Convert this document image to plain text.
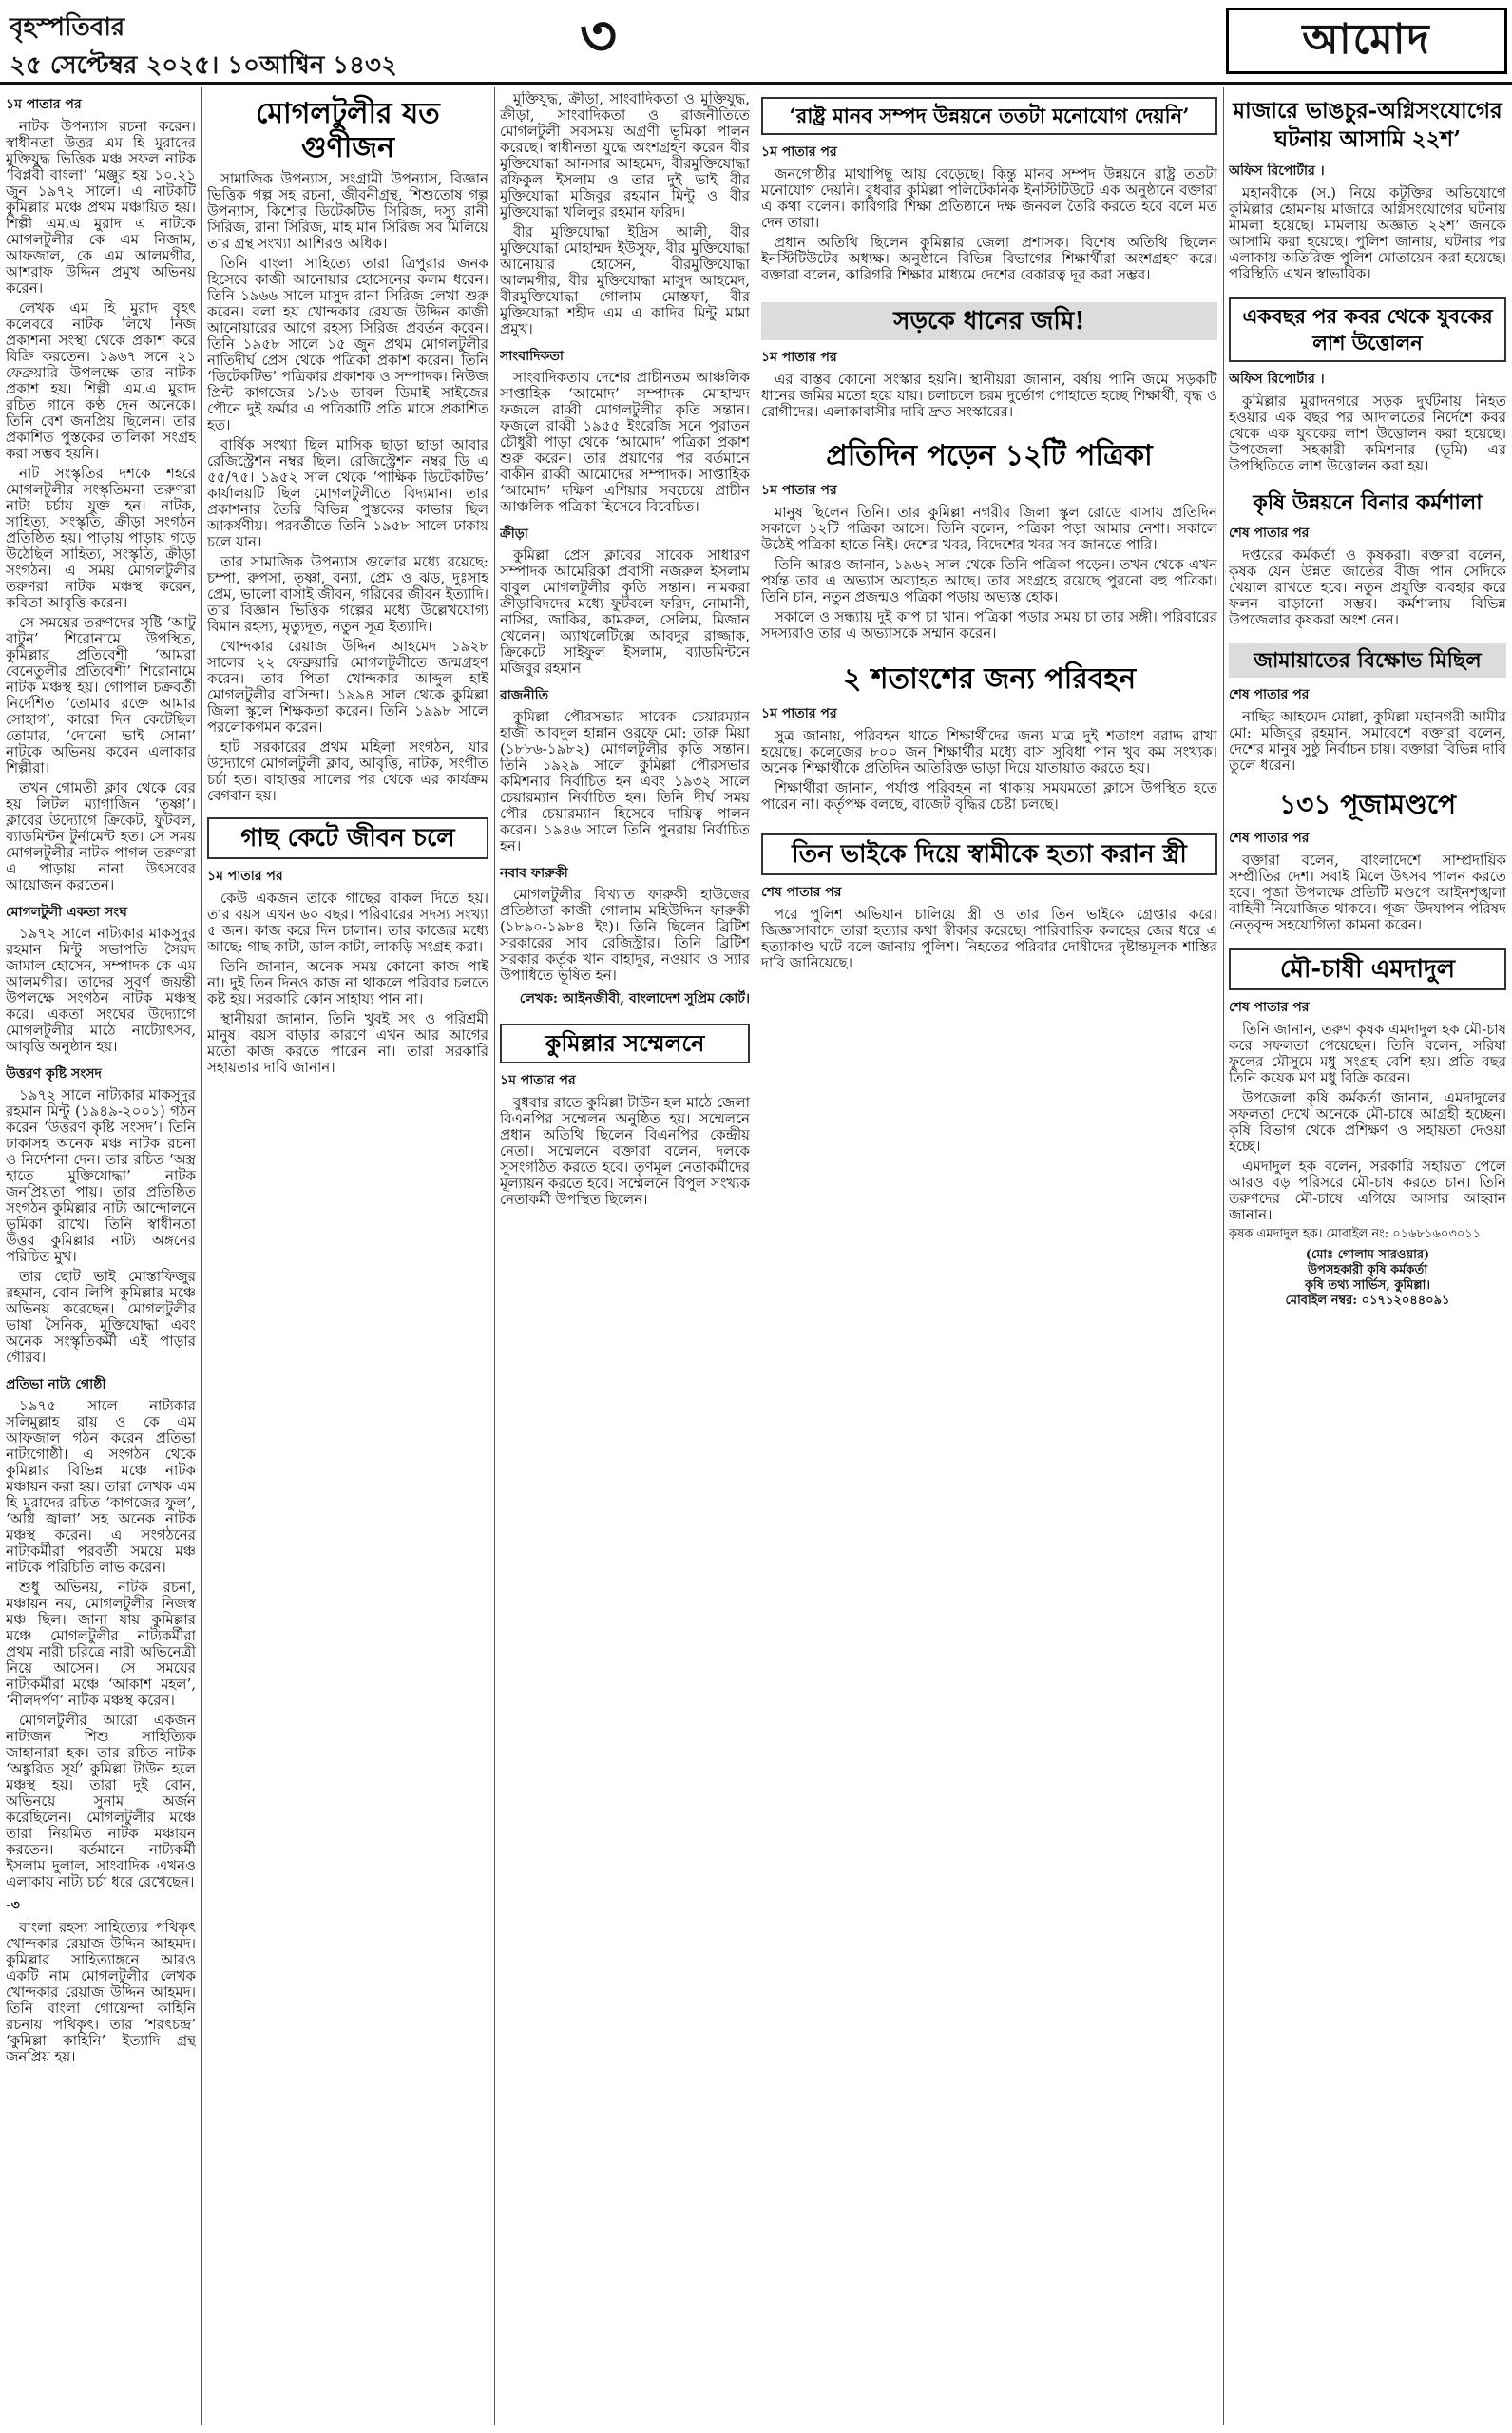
বৃহস্পতিবার
২৫ সেপ্টেম্বর ২০২৫। ১০আশ্বিন ১৪৩২	৩	আমোদ
১ম পাতার পর

নাটক উপন্যাস রচনা করেন। স্বাধীনতা উত্তর এম হি মুরাদের মুক্তিযুদ্ধ ভিত্তিক মঞ্চ সফল নাটক ‘বিপ্লবী বাংলা’ ‘মঞ্জুর হয় ১০.২১ জুন ১৯৭২ সালে। এ নাটকটি কুমিল্লার মঞ্চে প্রথম মঞ্চায়িত হয়। শিল্পী এম.এ মুরাদ এ নাটকে মোগলটুলীর কে এম নিজাম, আফজাল, কে এম আলমগীর, আশরাফ উদ্দিন প্রমুখ অভিনয় করেন।

লেখক এম হি মুরাদ বৃহৎ কলেবরে নাটক লিখে নিজ প্রকাশনা সংস্থা থেকে প্রকাশ করে বিক্রি করতেন। ১৯৬৭ সনে ২১ ফেব্রুয়ারি উপলক্ষে তার নাটক প্রকাশ হয়। শিল্পী এম.এ মুরাদ রচিত গানে কণ্ঠ দেন অনেকে। তিনি বেশ জনপ্রিয় ছিলেন। তার প্রকাশিত পুস্তকের তালিকা সংগ্রহ করা সম্ভব হয়নি।

নাট সংস্কৃতির দশকে শহরে মোগলটুলীর সংস্কৃতিমনা তরুণরা নাট্য চর্চায় যুক্ত হন। নাটক, সাহিত্য, সংস্কৃতি, ক্রীড়া সংগঠন প্রতিষ্ঠিত হয়। পাড়ায় পাড়ায় গড়ে উঠেছিল সাহিত্য, সংস্কৃতি, ক্রীড়া সংগঠন। এ সময় মোগলটুলীর তরুণরা নাটক মঞ্চস্থ করেন, কবিতা আবৃত্তি করেন।

সে সময়ের তরুণদের সৃষ্টি ‘আটু বাটুন’ শিরোনামে উপস্থিত, কুমিল্লার প্রতিবেশী ‘আমরা বেনেতুলীর প্রতিবেশী’ শিরোনামে নাটক মঞ্চস্থ হয়। গোপাল চক্রবর্তী নির্দেশিত ‘তোমার রক্তে আমার সোহাগ’, কারো দিন কেটেছিল তোমার, ‘দোনো ভাই সোনা’ নাটকে অভিনয় করেন এলাকার শিল্পীরা।

তখন গোমতী ক্লাব থেকে বের হয় লিটল ম্যাগাজিন ‘তৃষ্ণা’। ক্লাবের উদ্যোগে ক্রিকেট, ফুটবল, ব্যাডমিন্টন টুর্নামেন্ট হত। সে সময় মোগলটুলীর নাটক পাগল তরুণরা এ পাড়ায় নানা উৎসবের আয়োজন করতেন।

মোগলটুলী একতা সংঘ

১৯৭২ সালে নাট্যকার মাকসুদুর রহমান মিন্টু সভাপতি সৈয়দ জামাল হোসেন, সম্পাদক কে এম আলমগীর। তাদের সুবর্ণ জয়ন্তী উপলক্ষে সংগঠন নাটক মঞ্চস্থ করে। একতা সংঘের উদ্যোগে মোগলটুলীর মাঠে নাট্যোৎসব, আবৃত্তি অনুষ্ঠান হয়।

উত্তরণ কৃষ্টি সংসদ

১৯৭২ সালে নাট্যকার মাকসুদুর রহমান মিন্টু (১৯৪৯-২০০১) গঠন করেন ‘উত্তরণ কৃষ্টি সংসদ’। তিনি ঢাকাসহ অনেক মঞ্চ নাটক রচনা ও নির্দেশনা দেন। তার রচিত ‘অস্ত্র হাতে মুক্তিযোদ্ধা’ নাটক জনপ্রিয়তা পায়। তার প্রতিষ্ঠিত সংগঠন কুমিল্লার নাট্য আন্দোলনে ভূমিকা রাখে। তিনি স্বাধীনতা উত্তর কুমিল্লার নাট্য অঙ্গনের পরিচিত মুখ।

তার ছোট ভাই মোস্তাফিজুর রহমান, বোন লিপি কুমিল্লার মঞ্চে অভিনয় করেছেন। মোগলটুলীর ভাষা সৈনিক, মুক্তিযোদ্ধা এবং অনেক সংস্কৃতিকর্মী এই পাড়ার গৌরব।

প্রতিভা নাট্য গোষ্ঠী

১৯৭৫ সালে নাট্যকার সলিমুল্লাহ রায় ও কে এম আফজাল গঠন করেন প্রতিভা নাট্যগোষ্ঠী। এ সংগঠন থেকে কুমিল্লার বিভিন্ন মঞ্চে নাটক মঞ্চায়ন করা হয়। তারা লেখক এম হি মুরাদের রচিত ‘কাগজের ফুল’, ‘অগ্নি জ্বালা’ সহ অনেক নাটক মঞ্চস্থ করেন। এ সংগঠনের নাট্যকর্মীরা পরবর্তী সময়ে মঞ্চ নাটকে পরিচিতি লাভ করেন।

শুধু অভিনয়, নাটক রচনা, মঞ্চায়ন নয়, মোগলটুলীর নিজস্ব মঞ্চ ছিল। জানা যায় কুমিল্লার মঞ্চে মোগলটুলীর নাট্যকর্মীরা প্রথম নারী চরিত্রে নারী অভিনেত্রী নিয়ে আসেন। সে সময়ের নাট্যকর্মীরা মঞ্চে ‘আকাশ মহল’, ‘নীলদর্পণ’ নাটক মঞ্চস্থ করেন।

মোগলটুলীর আরো একজন নাট্যজন শিশু সাহিত্যিক জাহানারা হক। তার রচিত নাটক ‘অঙ্কুরিত সূর্য’ কুমিল্লা টাউন হলে মঞ্চস্থ হয়। তারা দুই বোন, অভিনয়ে সুনাম অর্জন করেছিলেন। মোগলটুলীর মঞ্চে তারা নিয়মিত নাটক মঞ্চায়ন করতেন। বর্তমানে নাট্যকর্মী ইসলাম দুলাল, সাংবাদিক এখনও এলাকায় নাট্য চর্চা ধরে রেখেছেন।

-৩

বাংলা রহস্য সাহিত্যের পথিকৃৎ খোন্দকার রেয়াজ উদ্দিন আহমদ। কুমিল্লার সাহিত্যাঙ্গনে আরও একটি নাম মোগলটুলীর লেখক খোন্দকার রেয়াজ উদ্দিন আহমদ। তিনি বাংলা গোয়েন্দা কাহিনি রচনায় পথিকৃৎ। তার ‘শরৎচন্দ্র’ ‘কুমিল্লা কাহিনি’ ইত্যাদি গ্রন্থ জনপ্রিয় হয়।

মোগলটুলীর যত গুণীজন

সামাজিক উপন্যাস, সংগ্রামী উপন্যাস, বিজ্ঞান ভিত্তিক গল্প সহ রচনা, জীবনীগ্রন্থ, শিশুতোষ গল্প উপন্যাস, কিশোর ডিটেকটিভ সিরিজ, দস্যু রানী সিরিজ, রানা সিরিজ, মাহ মান সিরিজ সব মিলিয়ে তার গ্রন্থ সংখ্যা আশিরও অধিক।

তিনি বাংলা সাহিত্যে তারা ত্রিপুরার জনক হিসেবে কাজী আনোয়ার হোসেনের কলম ধরেন। তিনি ১৯৬৬ সালে মাসুদ রানা সিরিজ লেখা শুরু করেন। বলা হয় খোন্দকার রেয়াজ উদ্দিন কাজী আনোয়ারের আগে রহস্য সিরিজ প্রবর্তন করেন। তিনি ১৯৫৮ সালে ১৫ জুন প্রথম মোগলটুলীর নাতিদীর্ঘ প্রেস থেকে পত্রিকা প্রকাশ করেন। তিনি ‘ডিটেকটিভ’ পত্রিকার প্রকাশক ও সম্পাদক। নিউজ প্রিন্ট কাগজের ১/১৬ ডাবল ডিমাই সাইজের পৌনে দুই ফর্মার এ পত্রিকাটি প্রতি মাসে প্রকাশিত হত।

বার্ষিক সংখ্যা ছিল মাসিক ছাড়া ছাড়া আবার রেজিস্ট্রেশন নম্বর ছিল। রেজিস্ট্রেশন নম্বর ডি এ ৫৫/৭৫। ১৯৫২ সাল থেকে ‘পাক্ষিক ডিটেকটিভ’ কার্যালয়টি ছিল মোগলটুলীতে বিদ্যমান। তার প্রকাশনার তৈরি বিভিন্ন পুস্তকের কাভার ছিল আকর্ষণীয়। পরবর্তীতে তিনি ১৯৫৮ সালে ঢাকায় চলে যান।

তার সামাজিক উপন্যাস গুলোর মধ্যে রয়েছে: চম্পা, রুপসা, তৃষ্ণা, বন্যা, প্রেম ও ঝড়, দুঃসাহ প্রেম, ভালো বাসাই জীবন, গরিবের জীবন ইত্যাদি। তার বিজ্ঞান ভিত্তিক গল্পের মধ্যে উল্লেখযোগ্য বিমান রহস্য, মৃত্যুদূত, নতুন সূত্র ইত্যাদি।

খোন্দকার রেয়াজ উদ্দিন আহমেদ ১৯২৮ সালের ২২ ফেব্রুয়ারি মোগলটুলীতে জন্মগ্রহণ করেন। তার পিতা খোন্দকার আব্দুল হাই মোগলটুলীর বাসিন্দা। ১৯৯৪ সাল থেকে কুমিল্লা জিলা স্কুলে শিক্ষকতা করেন। তিনি ১৯৯৮ সালে পরলোকগমন করেন।

হাট সরকারের প্রথম মহিলা সংগঠন, যার উদ্যোগে মোগলটুলী ক্লাব, আবৃত্তি, নাটক, সংগীত চর্চা হত। বাহাত্তর সালের পর থেকে এর কার্যক্রম বেগবান হয়।

গাছ কেটে জীবন চলে
১ম পাতার পর

কেউ একজন তাকে গাছের বাকল দিতে হয়। তার বয়স এখন ৬০ বছর। পরিবারের সদস্য সংখ্যা ৫ জন। কাজ করে দিন চালান। তার কাজের মধ্যে আছে: গাছ কাটা, ডাল কাটা, লাকড়ি সংগ্রহ করা।

তিনি জানান, অনেক সময় কোনো কাজ পাই না। দুই তিন দিনও কাজ না থাকলে পরিবার চলতে কষ্ট হয়। সরকারি কোন সাহায্য পান না।

স্থানীয়রা জানান, তিনি খুবই সৎ ও পরিশ্রমী মানুষ। বয়স বাড়ার কারণে এখন আর আগের মতো কাজ করতে পারেন না। তারা সরকারি সহায়তার দাবি জানান।

মুক্তিযুদ্ধ, ক্রীড়া, সাংবাদিকতা ও মুক্তিযুদ্ধ, ক্রীড়া, সাংবাদিকতা ও রাজনীতিতে মোগলটুলী সবসময় অগ্রণী ভূমিকা পালন করেছে। স্বাধীনতা যুদ্ধে অংশগ্রহণ করেন বীর মুক্তিযোদ্ধা আনসার আহমেদ, বীরমুক্তিযোদ্ধা রফিকুল ইসলাম ও তার দুই ভাই বীর মুক্তিযোদ্ধা মজিবুর রহমান মিন্টু ও বীর মুক্তিযোদ্ধা খলিলুর রহমান ফরিদ।

বীর মুক্তিযোদ্ধা ইদ্রিস আলী, বীর মুক্তিযোদ্ধা মোহাম্মদ ইউসুফ, বীর মুক্তিযোদ্ধা আনোয়ার হোসেন, বীরমুক্তিযোদ্ধা আলমগীর, বীর মুক্তিযোদ্ধা মাসুদ আহমেদ, বীরমুক্তিযোদ্ধা গোলাম মোস্তফা, বীর মুক্তিযোদ্ধা শহীদ এম এ কাদির মিন্টু মামা প্রমুখ।

সাংবাদিকতা

সাংবাদিকতায় দেশের প্রাচীনতম আঞ্চলিক সাপ্তাহিক ‘আমোদ’ সম্পাদক মোহাম্মদ ফজলে রাব্বী মোগলটুলীর কৃতি সন্তান। ফজলে রাব্বী ১৯৫৫ ইংরেজি সনে পুরাতন চৌধুরী পাড়া থেকে ‘আমোদ’ পত্রিকা প্রকাশ শুরু করেন। তার প্রয়াণের পর বর্তমানে বাকীন রাব্বী আমোদের সম্পাদক। সাপ্তাহিক ‘আমোদ’ দক্ষিণ এশিয়ার সবচেয়ে প্রাচীন আঞ্চলিক পত্রিকা হিসেবে বিবেচিত।

ক্রীড়া

কুমিল্লা প্রেস ক্লাবের সাবেক সাধারণ সম্পাদক আমেরিকা প্রবাসী নজরুল ইসলাম বাবুল মোগলটুলীর কৃতি সন্তান। নামকরা ক্রীড়াবিদদের মধ্যে ফুটবলে ফরিদ, নোমানী, নাসির, জাকির, কামরুল, সেলিম, মিজান খেলেন। অ্যাথলেটিক্সে আবদুর রাজ্জাক, ক্রিকেটে সাইফুল ইসলাম, ব্যাডমিন্টনে মজিবুর রহমান।

রাজনীতি

কুমিল্লা পৌরসভার সাবেক চেয়ারম্যান হাজী আবদুল হান্নান ওরফে মো: তারু মিয়া (১৮৮৬-১৯৮২) মোগলটুলীর কৃতি সন্তান। তিনি ১৯২৯ সালে কুমিল্লা পৌরসভার কমিশনার নির্বাচিত হন এবং ১৯৩২ সালে চেয়ারম্যান নির্বাচিত হন। তিনি দীর্ঘ সময় পৌর চেয়ারম্যান হিসেবে দায়িত্ব পালন করেন। ১৯৪৬ সালে তিনি পুনরায় নির্বাচিত হন।

নবাব ফারুকী

মোগলটুলীর বিখ্যাত ফারুকী হাউজের প্রতিষ্ঠাতা কাজী গোলাম মহিউদ্দিন ফারুকী (১৮৯০-১৯৮৪ ইং)। তিনি ছিলেন ব্রিটিশ সরকারের সাব রেজিস্ট্রার। তিনি ব্রিটিশ সরকার কর্তৃক খান বাহাদুর, নওয়াব ও স্যার উপাধিতে ভূষিত হন।

লেখক: আইনজীবী, বাংলাদেশ সুপ্রিম কোর্ট।
কুমিল্লার সম্মেলনে
১ম পাতার পর

বুধবার রাতে কুমিল্লা টাউন হল মাঠে জেলা বিএনপির সম্মেলন অনুষ্ঠিত হয়। সম্মেলনে প্রধান অতিথি ছিলেন বিএনপির কেন্দ্রীয় নেতা। সম্মেলনে বক্তারা বলেন, দলকে সুসংগঠিত করতে হবে। তৃণমূল নেতাকর্মীদের মূল্যায়ন করতে হবে। সম্মেলনে বিপুল সংখ্যক নেতাকর্মী উপস্থিত ছিলেন।

‘রাষ্ট্র মানব সম্পদ উন্নয়নে ততটা মনোযোগ দেয়নি’
১ম পাতার পর

জনগোষ্ঠীর মাথাপিছু আয় বেড়েছে। কিন্তু মানব সম্পদ উন্নয়নে রাষ্ট্র ততটা মনোযোগ দেয়নি। বুধবার কুমিল্লা পলিটেকনিক ইনস্টিটিউটে এক অনুষ্ঠানে বক্তারা এ কথা বলেন। কারিগরি শিক্ষা প্রতিষ্ঠানে দক্ষ জনবল তৈরি করতে হবে বলে মত দেন তারা।

প্রধান অতিথি ছিলেন কুমিল্লার জেলা প্রশাসক। বিশেষ অতিথি ছিলেন ইনস্টিটিউটের অধ্যক্ষ। অনুষ্ঠানে বিভিন্ন বিভাগের শিক্ষার্থীরা অংশগ্রহণ করে। বক্তারা বলেন, কারিগরি শিক্ষার মাধ্যমে দেশের বেকারত্ব দূর করা সম্ভব।

সড়কে ধানের জমি!
১ম পাতার পর

এর বাস্তব কোনো সংস্কার হয়নি। স্থানীয়রা জানান, বর্ষায় পানি জমে সড়কটি ধানের জমির মতো হয়ে যায়। চলাচলে চরম দুর্ভোগ পোহাতে হচ্ছে শিক্ষার্থী, বৃদ্ধ ও রোগীদের। এলাকাবাসীর দাবি দ্রুত সংস্কারের।

প্রতিদিন পড়েন ১২টি পত্রিকা
১ম পাতার পর

মানুষ ছিলেন তিনি। তার কুমিল্লা নগরীর জিলা স্কুল রোডে বাসায় প্রতিদিন সকালে ১২টি পত্রিকা আসে। তিনি বলেন, পত্রিকা পড়া আমার নেশা। সকালে উঠেই পত্রিকা হাতে নিই। দেশের খবর, বিদেশের খবর সব জানতে পারি।

তিনি আরও জানান, ১৯৬২ সাল থেকে তিনি পত্রিকা পড়েন। তখন থেকে এখন পর্যন্ত তার এ অভ্যাস অব্যাহত আছে। তার সংগ্রহে রয়েছে পুরনো বহু পত্রিকা। তিনি চান, নতুন প্রজন্মও পত্রিকা পড়ায় অভ্যস্ত হোক।

সকালে ও সন্ধ্যায় দুই কাপ চা খান। পত্রিকা পড়ার সময় চা তার সঙ্গী। পরিবারের সদস্যরাও তার এ অভ্যাসকে সম্মান করেন।

২ শতাংশের জন্য পরিবহন
১ম পাতার পর

সুত্র জানায়, পরিবহন খাতে শিক্ষার্থীদের জন্য মাত্র দুই শতাংশ বরাদ্দ রাখা হয়েছে। কলেজের ৮০০ জন শিক্ষার্থীর মধ্যে বাস সুবিধা পান খুব কম সংখ্যক। অনেক শিক্ষার্থীকে প্রতিদিন অতিরিক্ত ভাড়া দিয়ে যাতায়াত করতে হয়।

শিক্ষার্থীরা জানান, পর্যাপ্ত পরিবহন না থাকায় সময়মতো ক্লাসে উপস্থিত হতে পারেন না। কর্তৃপক্ষ বলছে, বাজেট বৃদ্ধির চেষ্টা চলছে।

তিন ভাইকে দিয়ে স্বামীকে হত্যা করান স্ত্রী
শেষ পাতার পর

পরে পুলিশ অভিযান চালিয়ে স্ত্রী ও তার তিন ভাইকে গ্রেপ্তার করে। জিজ্ঞাসাবাদে তারা হত্যার কথা স্বীকার করেছে। পারিবারিক কলহের জের ধরে এ হত্যাকাণ্ড ঘটে বলে জানায় পুলিশ। নিহতের পরিবার দোষীদের দৃষ্টান্তমূলক শাস্তির দাবি জানিয়েছে।

মাজারে ভাঙচুর-অগ্নিসংযোগের ঘটনায় আসামি ২২শ’
অফিস রিপোর্টার ।

মহানবীকে (স.) নিয়ে কটূক্তির অভিযোগে কুমিল্লার হোমনায় মাজারে অগ্নিসংযোগের ঘটনায় মামলা হয়েছে। মামলায় অজ্ঞাত ২২শ’ জনকে আসামি করা হয়েছে। পুলিশ জানায়, ঘটনার পর এলাকায় অতিরিক্ত পুলিশ মোতায়েন করা হয়েছে। পরিস্থিতি এখন স্বাভাবিক।

একবছর পর কবর থেকে যুবকের লাশ উত্তোলন
অফিস রিপোর্টার ।

কুমিল্লার মুরাদনগরে সড়ক দুর্ঘটনায় নিহত হওয়ার এক বছর পর আদালতের নির্দেশে কবর থেকে এক যুবকের লাশ উত্তোলন করা হয়েছে। উপজেলা সহকারী কমিশনার (ভূমি) এর উপস্থিতিতে লাশ উত্তোলন করা হয়।

কৃষি উন্নয়নে বিনার কর্মশালা
শেষ পাতার পর

দপ্তরের কর্মকর্তা ও কৃষকরা। বক্তারা বলেন, কৃষক যেন উন্নত জাতের বীজ পান সেদিকে খেয়াল রাখতে হবে। নতুন প্রযুক্তি ব্যবহার করে ফলন বাড়ানো সম্ভব। কর্মশালায় বিভিন্ন উপজেলার কৃষকরা অংশ নেন।

জামায়াতের বিক্ষোভ মিছিল
শেষ পাতার পর

নাছির আহমেদ মোল্লা, কুমিল্লা মহানগরী আমীর মো: মজিবুর রহমান, সমাবেশে বক্তারা বলেন, দেশের মানুষ সুষ্ঠু নির্বাচন চায়। বক্তারা বিভিন্ন দাবি তুলে ধরেন।

১৩১ পূজামণ্ডপে
শেষ পাতার পর

বক্তারা বলেন, বাংলাদেশে সাম্প্রদায়িক সম্প্রীতির দেশ। সবাই মিলে উৎসব পালন করতে হবে। পূজা উপলক্ষে প্রতিটি মণ্ডপে আইনশৃঙ্খলা বাহিনী নিয়োজিত থাকবে। পূজা উদযাপন পরিষদ নেতৃবৃন্দ সহযোগিতা কামনা করেন।

মৌ-চাষী এমদাদুল
শেষ পাতার পর

তিনি জানান, তরুণ কৃষক এমদাদুল হক মৌ-চাষ করে সফলতা পেয়েছেন। তিনি বলেন, সরিষা ফুলের মৌসুমে মধু সংগ্রহ বেশি হয়। প্রতি বছর তিনি কয়েক মণ মধু বিক্রি করেন।

উপজেলা কৃষি কর্মকর্তা জানান, এমদাদুলের সফলতা দেখে অনেকে মৌ-চাষে আগ্রহী হচ্ছেন। কৃষি বিভাগ থেকে প্রশিক্ষণ ও সহায়তা দেওয়া হচ্ছে।

এমদাদুল হক বলেন, সরকারি সহায়তা পেলে আরও বড় পরিসরে মৌ-চাষ করতে চান। তিনি তরুণদের মৌ-চাষে এগিয়ে আসার আহ্বান জানান।

কৃষক এমদাদুল হক। মোবাইল নং: ০১৬৮১৬০৩০১১
(মোঃ গোলাম সারওয়ার)
উপসহকারী কৃষি কর্মকর্তা
কৃষি তথ্য সার্ভিস, কুমিল্লা।
মোবাইল নম্বর: ০১৭১২০৪৪০৯১
